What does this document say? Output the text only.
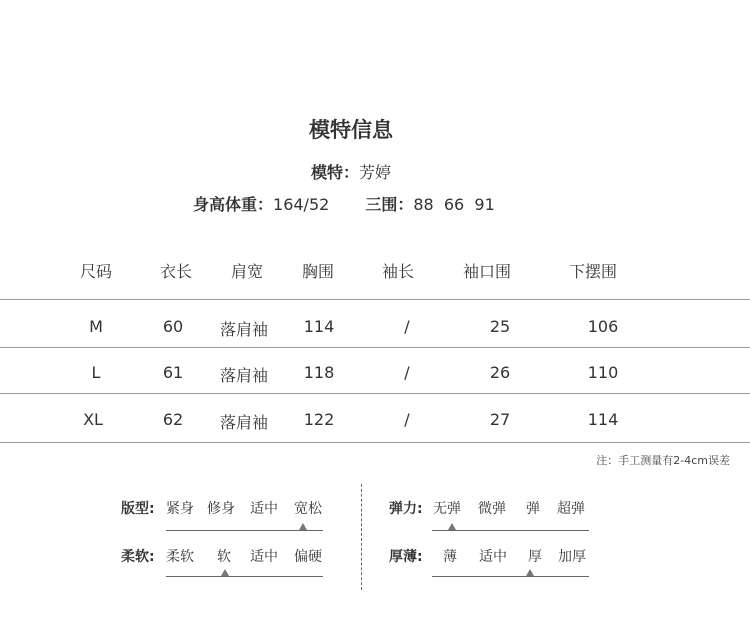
模特信息
模特：芳婷
身高体重：164/52 三围：88  66  91
尺码	衣长 肩宽 胸围	袖长	袖口围	下摆围
M	60 落肩袖 114	/	25	106
L	61 落肩袖 118	/	26	110
XL	62 落肩袖 122	/	27	114
注：手工测量有2-4cm误差
版型: 紧身 修身 适中 宽松
柔软: 柔软 软 适中 偏硬
弹力: 无弹 微弹 弹 超弹
厚薄: 薄 适中 厚 加厚
